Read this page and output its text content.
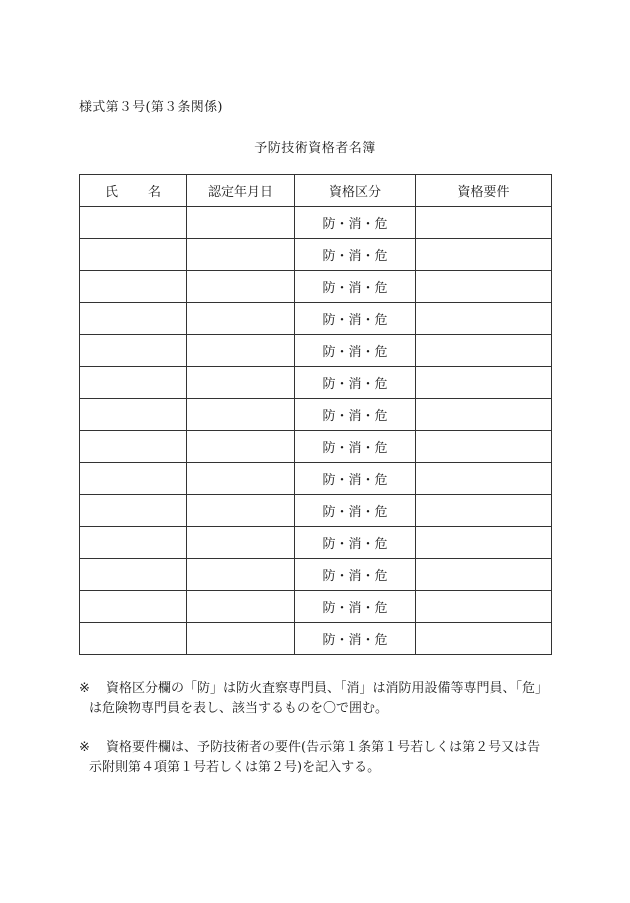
様式第３号(第３条関係)
予防技術資格者名簿
氏 名	認定年月日	資格区分	資格要件
		防・消・危	
		防・消・危	
		防・消・危	
		防・消・危	
		防・消・危	
		防・消・危	
		防・消・危	
		防・消・危	
		防・消・危	
		防・消・危	
		防・消・危	
		防・消・危	
		防・消・危	
		防・消・危	
※	資格区分欄の「防」は防火査察専門員、「消」は消防用設備等専門員、「危」
は危険物専門員を表し、該当するものを〇で囲む。
※	資格要件欄は、予防技術者の要件(告示第１条第１号若しくは第２号又は告
示附則第４項第１号若しくは第２号)を記入する。
